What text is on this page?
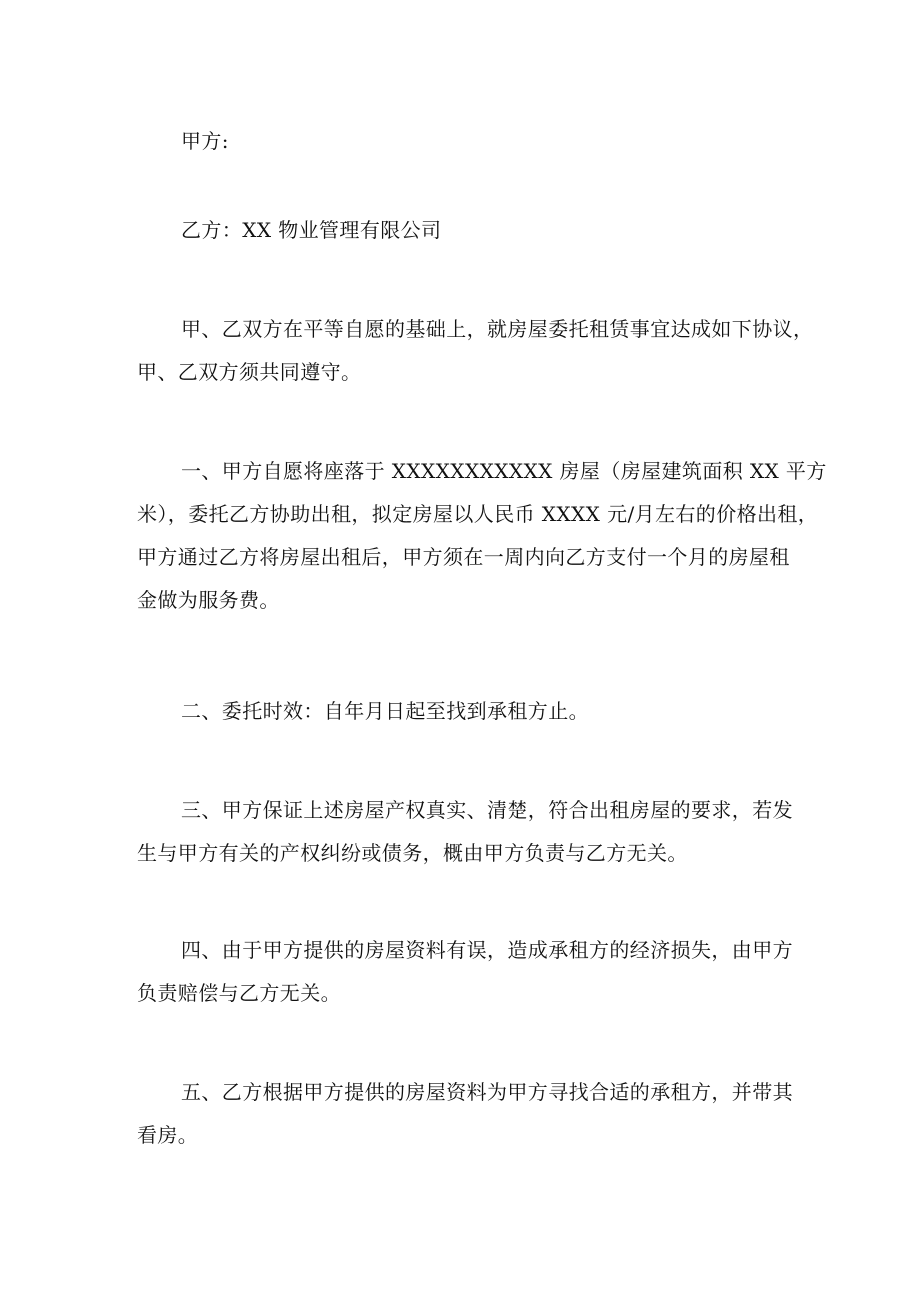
甲方:

乙方：XX 物业管理有限公司

甲、乙双方在平等自愿的基础上，就房屋委托租赁事宜达成如下协议，
甲、乙双方须共同遵守。

一、甲方自愿将座落于 XXXXXXXXXXX 房屋（房屋建筑面积 XX 平方
米），委托乙方协助出租，拟定房屋以人民币 XXXX 元/月左右的价格出租，
甲方通过乙方将房屋出租后，甲方须在一周内向乙方支付一个月的房屋租
金做为服务费。

二、委托时效：自年月日起至找到承租方止。

三、甲方保证上述房屋产权真实、清楚，符合出租房屋的要求，若发
生与甲方有关的产权纠纷或债务，概由甲方负责与乙方无关。

四、由于甲方提供的房屋资料有误，造成承租方的经济损失，由甲方
负责赔偿与乙方无关。

五、乙方根据甲方提供的房屋资料为甲方寻找合适的承租方，并带其
看房。
